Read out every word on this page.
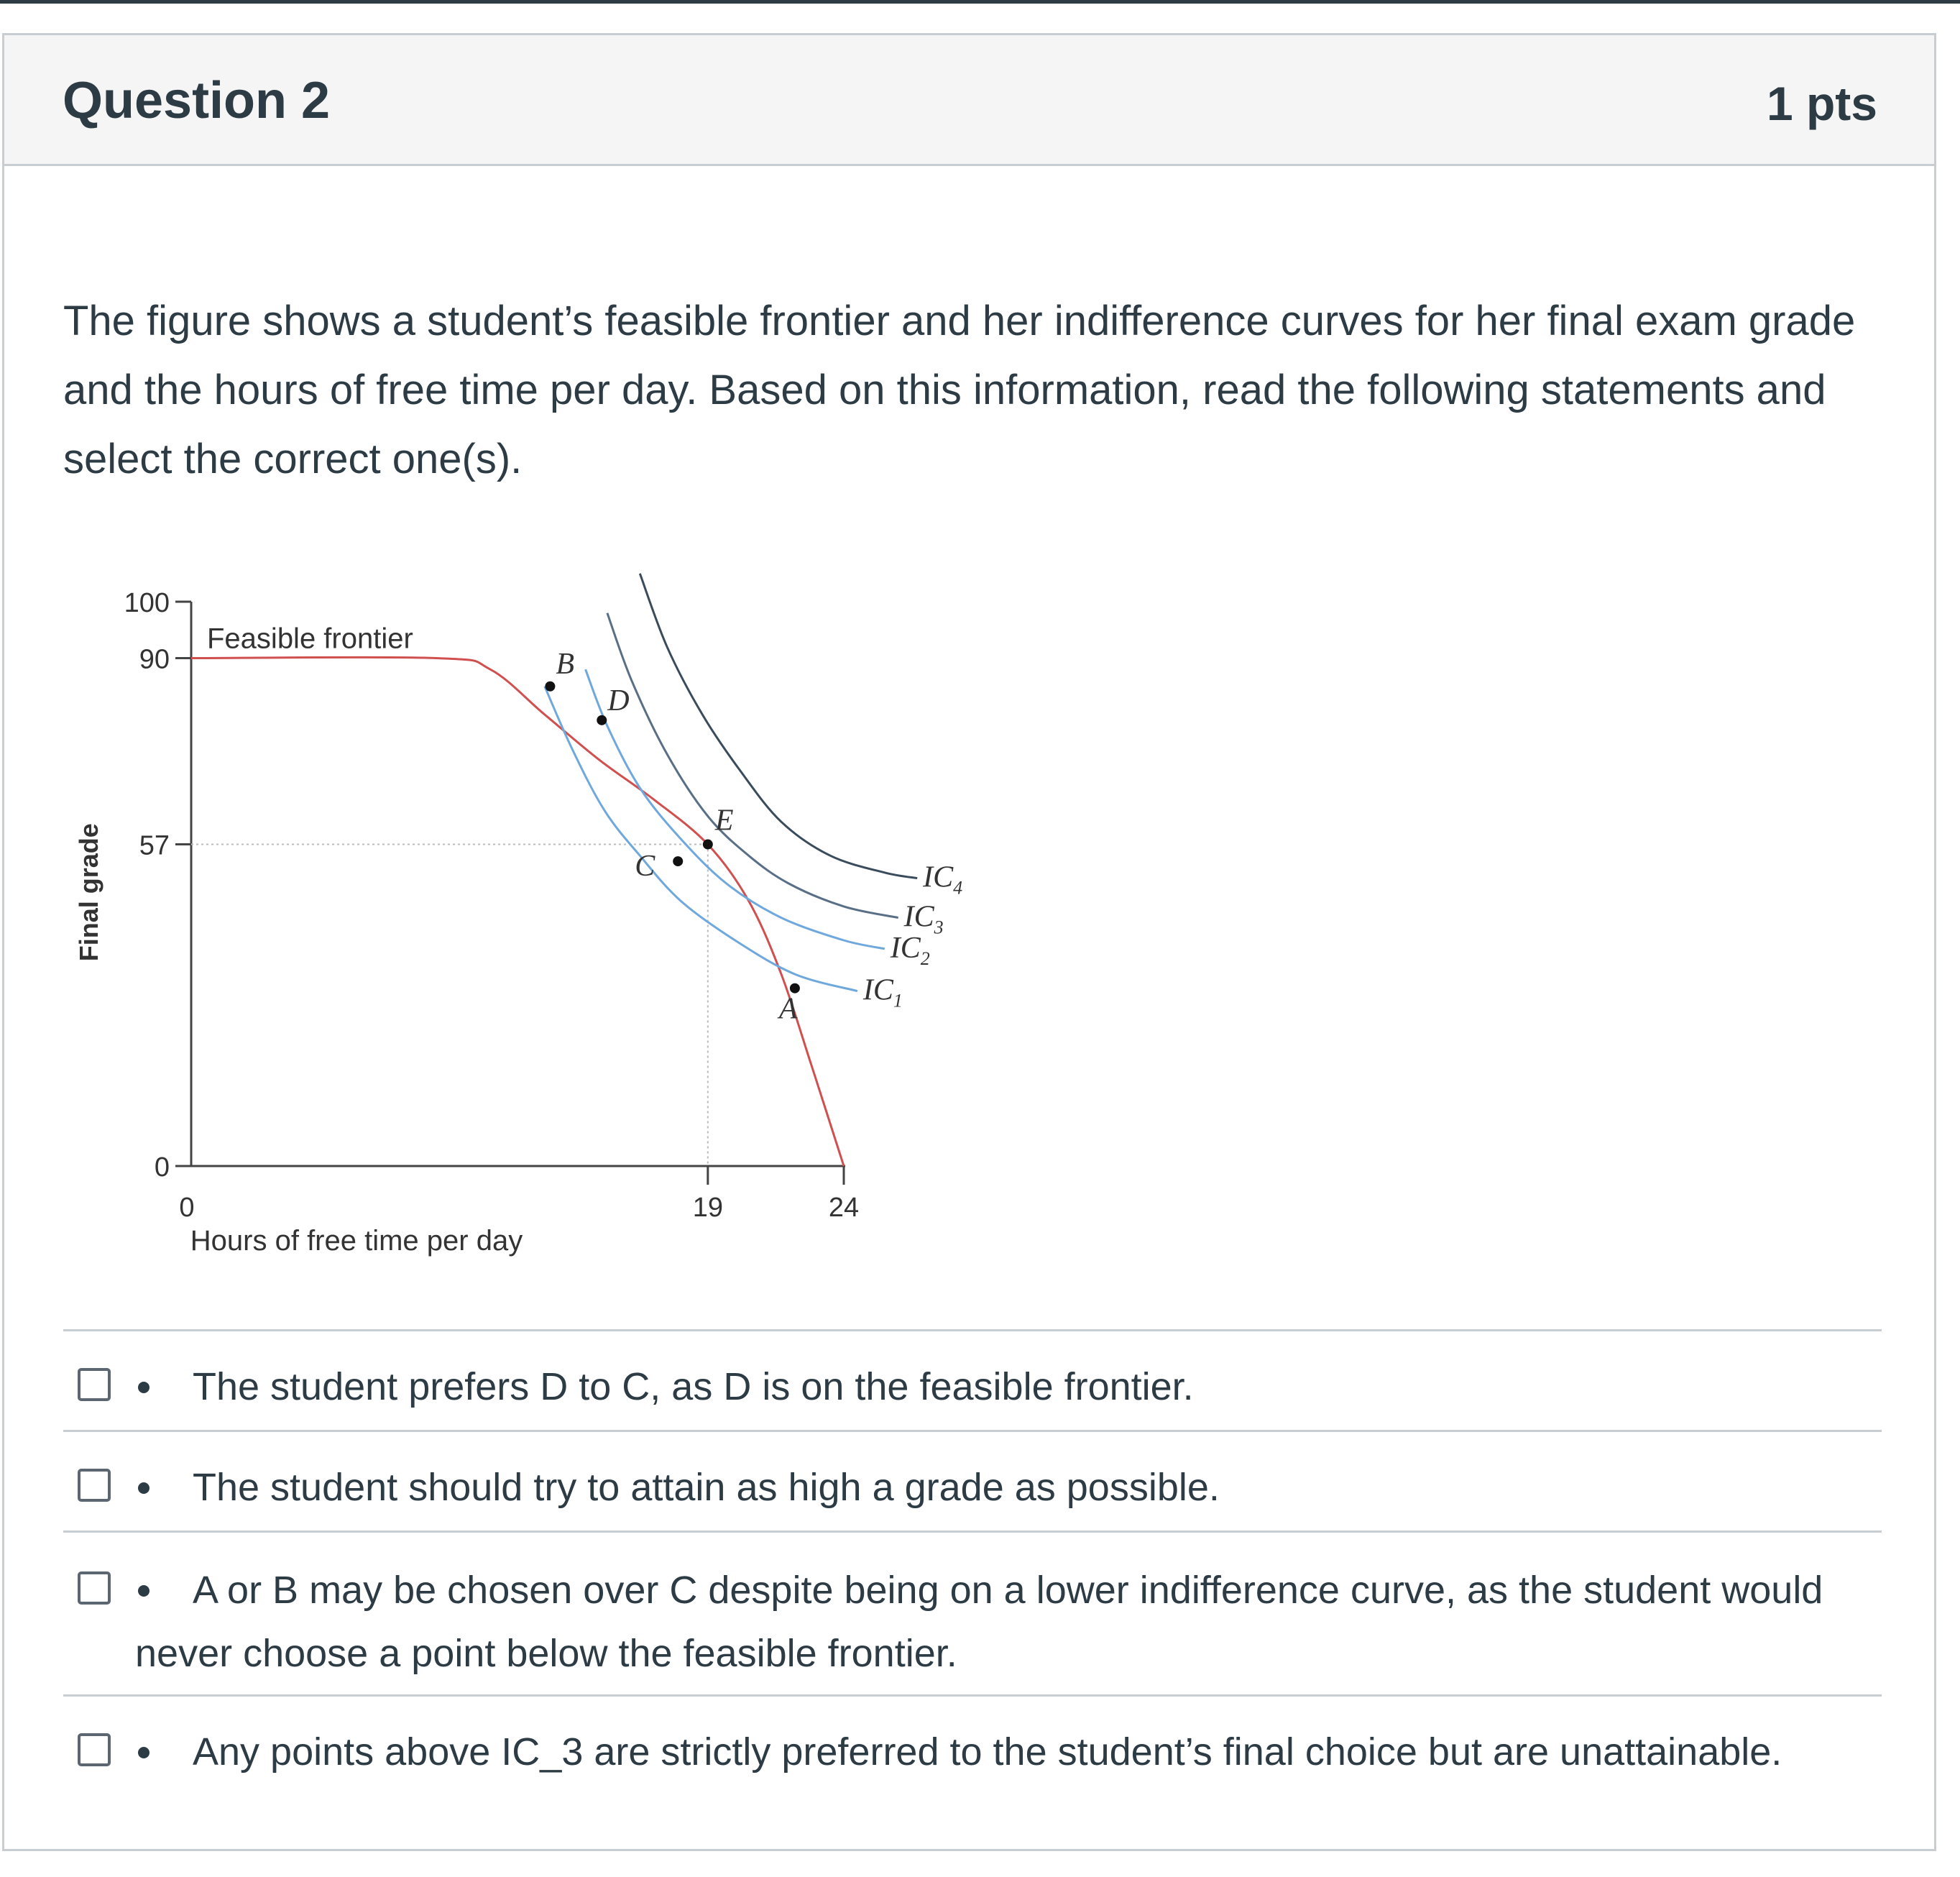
Question 2	1 pts
The figure shows a student’s feasible frontier and her indifference curves for her final exam grade and the hours of free time per day. Based on this information, read the following statements and select the correct one(s).
0
57
90
100
0	19	24
Hours of free time per day
Final grade
Feasible frontier
$IC_1$
$IC_2$
$IC_3$
$IC_4$
A
B
C
D
E
The student prefers D to C, as D is on the feasible frontier.
The student should try to attain as high a grade as possible.
A or B may be chosen over C despite being on a lower indifference curve, as the student would never choose a point below the feasible frontier.
Any points above IC_3 are strictly preferred to the student’s final choice but are unattainable.
